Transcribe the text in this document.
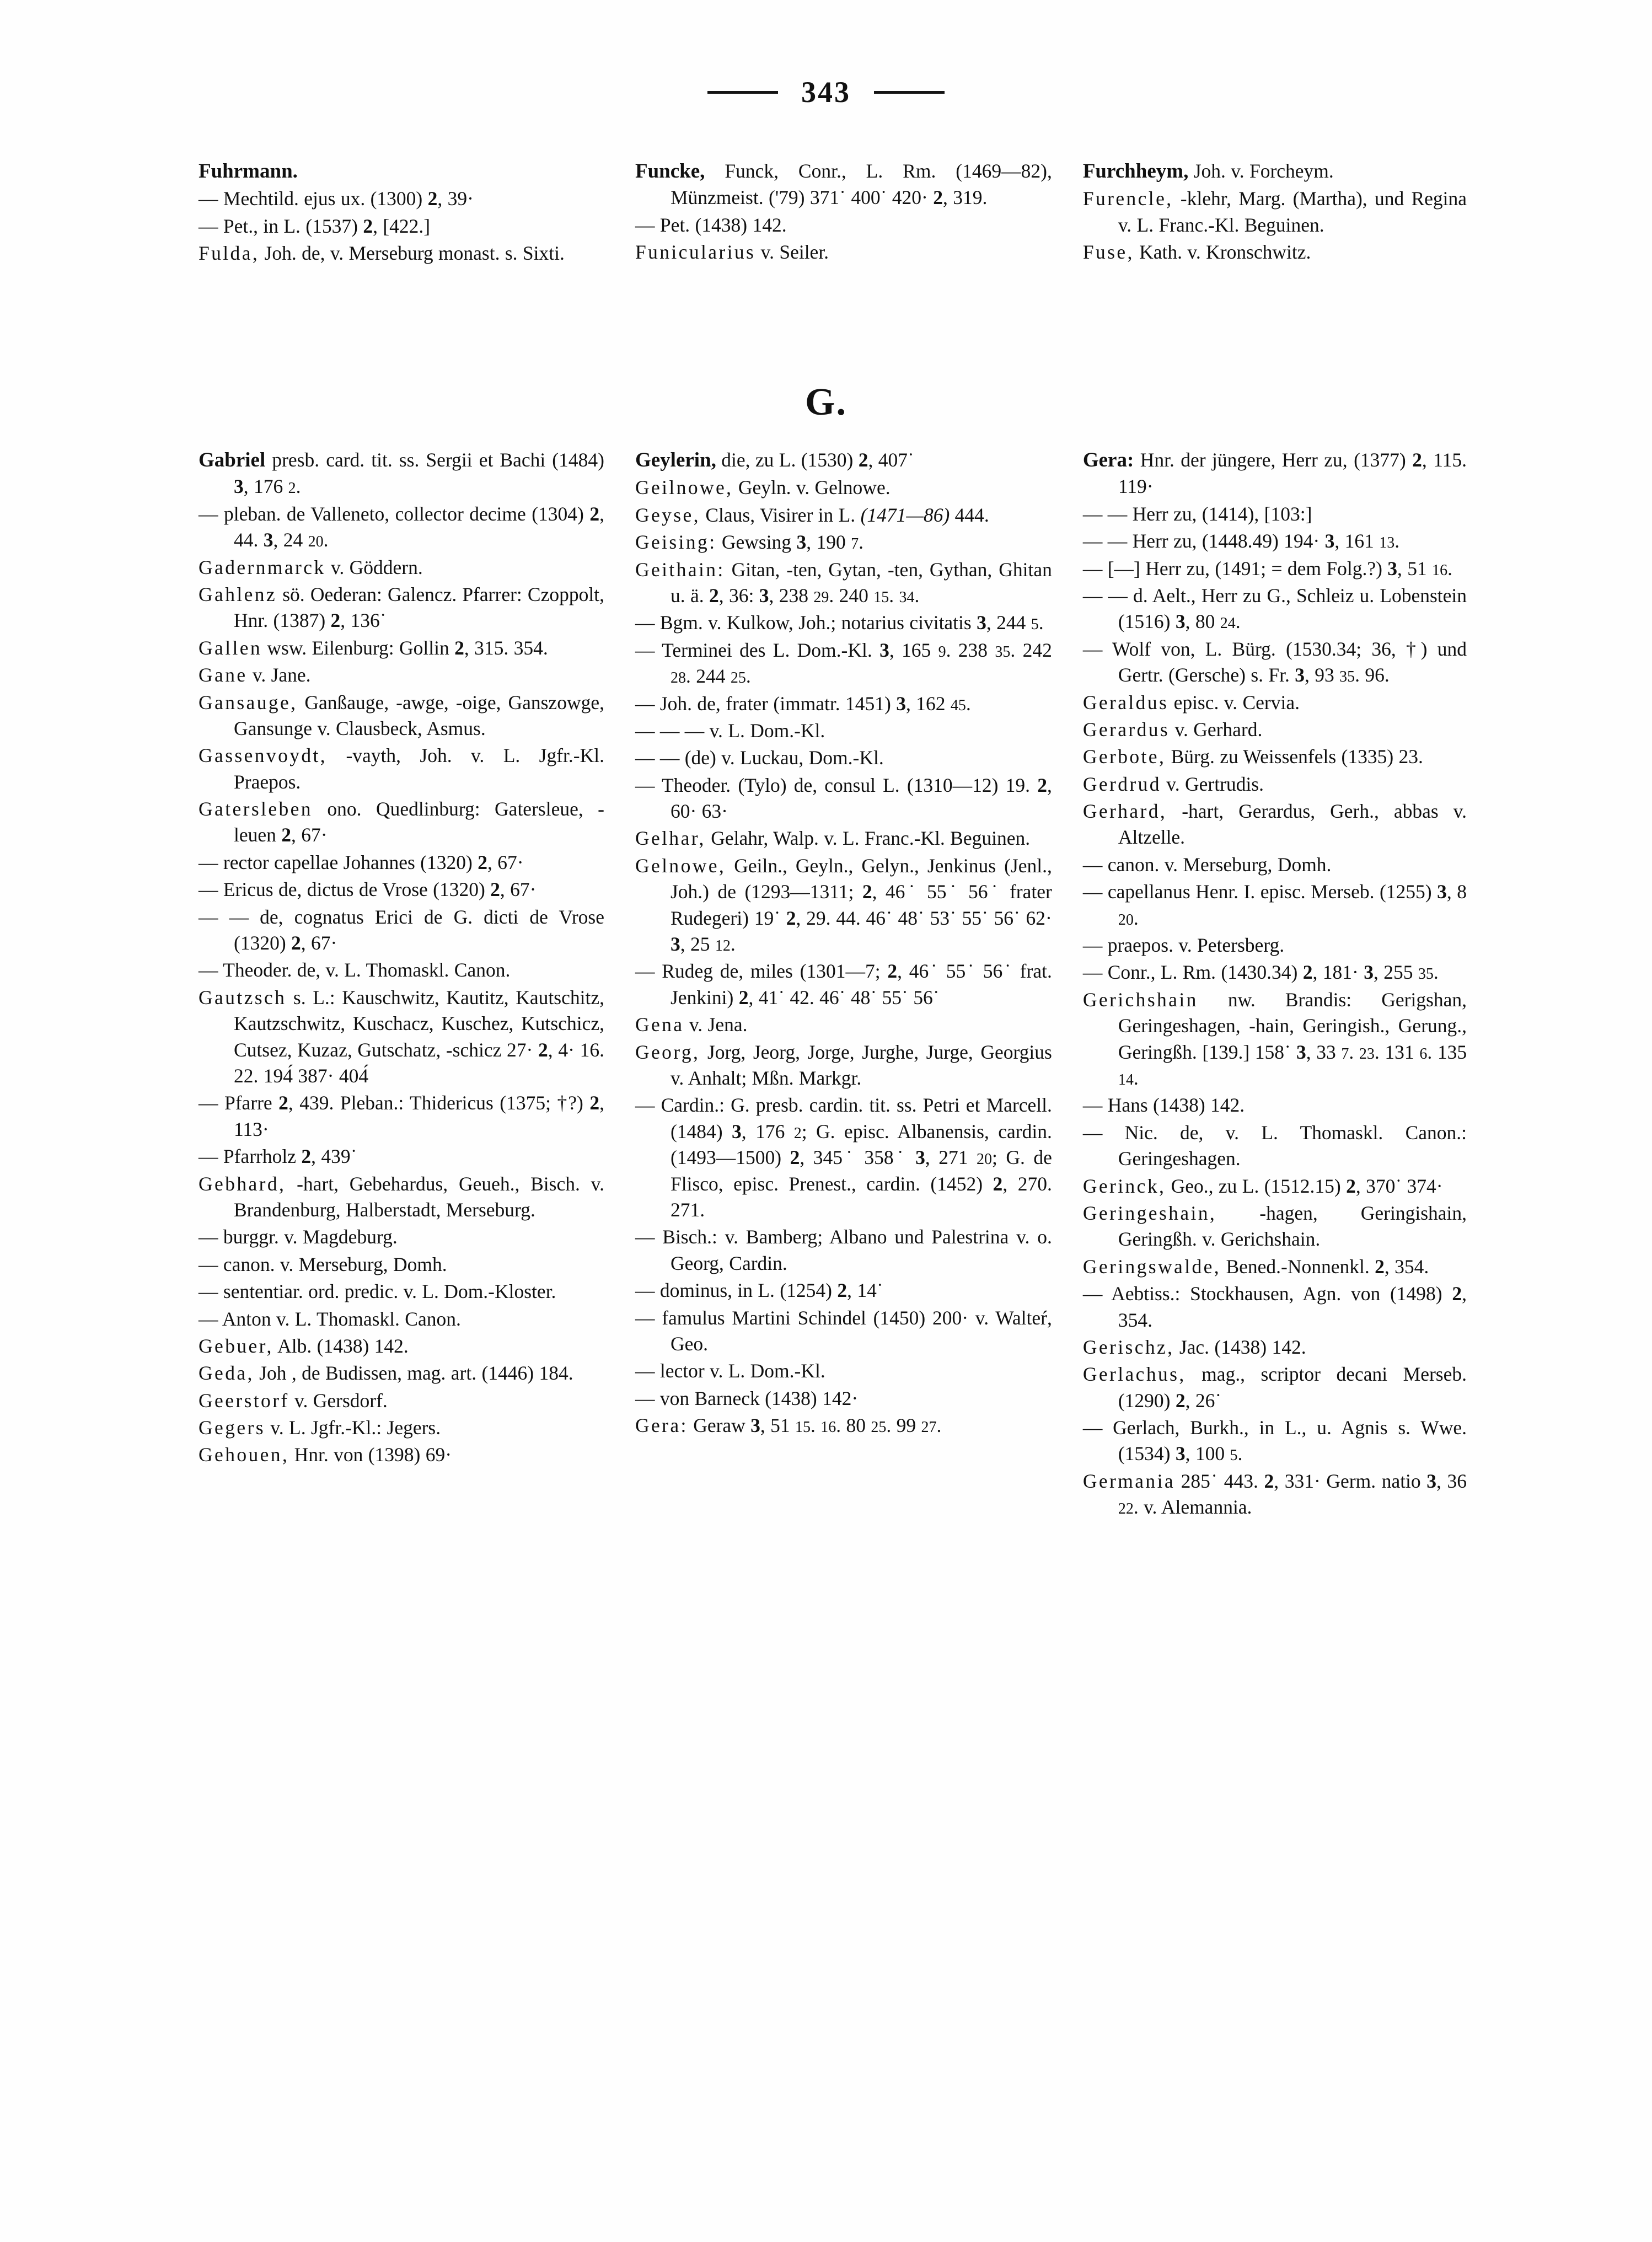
343

Fuhrmann.

— Mechtild. ejus ux. (1300) 2, 39·

— Pet., in L. (1537) 2, [422.]

Fulda, Joh. de, v. Merseburg monast. s. Sixti.

Funcke, Funck, Conr., L. Rm. (1469—82), Münzmeist. ('79) 371˙ 400˙ 420· 2, 319.

— Pet. (1438) 142.

Funicularius v. Seiler.

Furchheym, Joh. v. Forcheym.

Furencle, -klehr, Marg. (Martha), und Regina v. L. Franc.-Kl. Beguinen.

Fuse, Kath. v. Kronschwitz.

G.

Gabriel presb. card. tit. ss. Sergii et Bachi (1484) 3, 176 2.

— pleban. de Valleneto, collector decime (1304) 2, 44. 3, 24 20.

Gadernmarck v. Göddern.

Gahlenz sö. Oederan: Galencz. Pfarrer: Czoppolt, Hnr. (1387) 2, 136˙

Gallen wsw. Eilenburg: Gollin 2, 315. 354.

Gane v. Jane.

Gansauge, Ganßauge, -awge, -oige, Ganszowge, Gansunge v. Clausbeck, Asmus.

Gassenvoydt, -vayth, Joh. v. L. Jgfr.-Kl. Praepos.

Gatersleben ono. Quedlinburg: Gatersleue, -leuen 2, 67·

— rector capellae Johannes (1320) 2, 67·

— Ericus de, dictus de Vrose (1320) 2, 67·

— — de, cognatus Erici de G. dicti de Vrose (1320) 2, 67·

— Theoder. de, v. L. Thomaskl. Canon.

Gautzsch s. L.: Kauschwitz, Kautitz, Kautschitz, Kautzschwitz, Kuschacz, Kuschez, Kutschicz, Cutsez, Kuzaz, Gutschatz, -schicz 27· 2, 4· 16. 22. 194́ 387· 404́

— Pfarre 2, 439. Pleban.: Thidericus (1375; †?) 2, 113·

— Pfarrholz 2, 439˙

Gebhard, -hart, Gebehardus, Geueh., Bisch. v. Brandenburg, Halberstadt, Merseburg.

— burggr. v. Magdeburg.

— canon. v. Merseburg, Domh.

— sententiar. ord. predic. v. L. Dom.-Kloster.

— Anton v. L. Thomaskl. Canon.

Gebuer, Alb. (1438) 142.

Geda, Joh , de Budissen, mag. art. (1446) 184.

Geerstorf v. Gersdorf.

Gegers v. L. Jgfr.-Kl.: Jegers.

Gehouen, Hnr. von (1398) 69·

Geylerin, die, zu L. (1530) 2, 407˙

Geilnowe, Geyln. v. Gelnowe.

Geyse, Claus, Visirer in L. (1471—86) 444.

Geising: Gewsing 3, 190 7.

Geithain: Gitan, -ten, Gytan, -ten, Gythan, Ghitan u. ä. 2, 36: 3, 238 29. 240 15. 34.

— Bgm. v. Kulkow, Joh.; notarius civitatis 3, 244 5.

— Terminei des L. Dom.-Kl. 3, 165 9. 238 35. 242 28. 244 25.

— Joh. de, frater (immatr. 1451) 3, 162 45.

— — — v. L. Dom.-Kl.

— — (de) v. Luckau, Dom.-Kl.

— Theoder. (Tylo) de, consul L. (1310—12) 19. 2, 60· 63·

Gelhar, Gelahr, Walp. v. L. Franc.-Kl. Beguinen.

Gelnowe, Geiln., Geyln., Gelyn., Jenkinus (Jenl., Joh.) de (1293—1311; 2, 46˙ 55˙ 56˙ frater Rudegeri) 19˙ 2, 29. 44. 46˙ 48˙ 53˙ 55˙ 56˙ 62· 3, 25 12.

— Rudeg de, miles (1301—7; 2, 46˙ 55˙ 56˙ frat. Jenkini) 2, 41˙ 42. 46˙ 48˙ 55˙ 56˙

Gena v. Jena.

Georg, Jorg, Jeorg, Jorge, Jurghe, Jurge, Georgius v. Anhalt; Mßn. Markgr.

— Cardin.: G. presb. cardin. tit. ss. Petri et Marcell. (1484) 3, 176 2; G. episc. Albanensis, cardin. (1493—1500) 2, 345˙ 358˙ 3, 271 20; G. de Flisco, episc. Prenest., cardin. (1452) 2, 270. 271.

— Bisch.: v. Bamberg; Albano und Palestrina v. o. Georg, Cardin.

— dominus, in L. (1254) 2, 14˙

— famulus Martini Schindel (1450) 200· v. Walteŕ, Geo.

— lector v. L. Dom.-Kl.

— von Barneck (1438) 142·

Gera: Geraw 3, 51 15. 16. 80 25. 99 27.

Gera: Hnr. der jüngere, Herr zu, (1377) 2, 115. 119·

— — Herr zu, (1414), [103:]

— — Herr zu, (1448.49) 194· 3, 161 13.

— [—] Herr zu, (1491; = dem Folg.?) 3, 51 16.

— — d. Aelt., Herr zu G., Schleiz u. Lobenstein (1516) 3, 80 24.

— Wolf von, L. Bürg. (1530.34; 36, †) und Gertr. (Gersche) s. Fr. 3, 93 35. 96.

Geraldus episc. v. Cervia.

Gerardus v. Gerhard.

Gerbote, Bürg. zu Weissenfels (1335) 23.

Gerdrud v. Gertrudis.

Gerhard, -hart, Gerardus, Gerh., abbas v. Altzelle.

— canon. v. Merseburg, Domh.

— capellanus Henr. I. episc. Merseb. (1255) 3, 8 20.

— praepos. v. Petersberg.

— Conr., L. Rm. (1430.34) 2, 181· 3, 255 35.

Gerichshain nw. Brandis: Gerigshan, Geringeshagen, -hain, Geringish., Gerung., Geringßh. [139.] 158˙ 3, 33 7. 23. 131 6. 135 14.

— Hans (1438) 142.

— Nic. de, v. L. Thomaskl. Canon.: Geringeshagen.

Gerinck, Geo., zu L. (1512.15) 2, 370˙ 374·

Geringeshain, -hagen, Geringishain, Geringßh. v. Gerichshain.

Geringswalde, Bened.-Nonnenkl. 2, 354.

— Aebtiss.: Stockhausen, Agn. von (1498) 2, 354.

Gerischz, Jac. (1438) 142.

Gerlachus, mag., scriptor decani Merseb. (1290) 2, 26˙

— Gerlach, Burkh., in L., u. Agnis s. Wwe. (1534) 3, 100 5.

Germania 285˙ 443. 2, 331· Germ. natio 3, 36 22. v. Alemannia.
